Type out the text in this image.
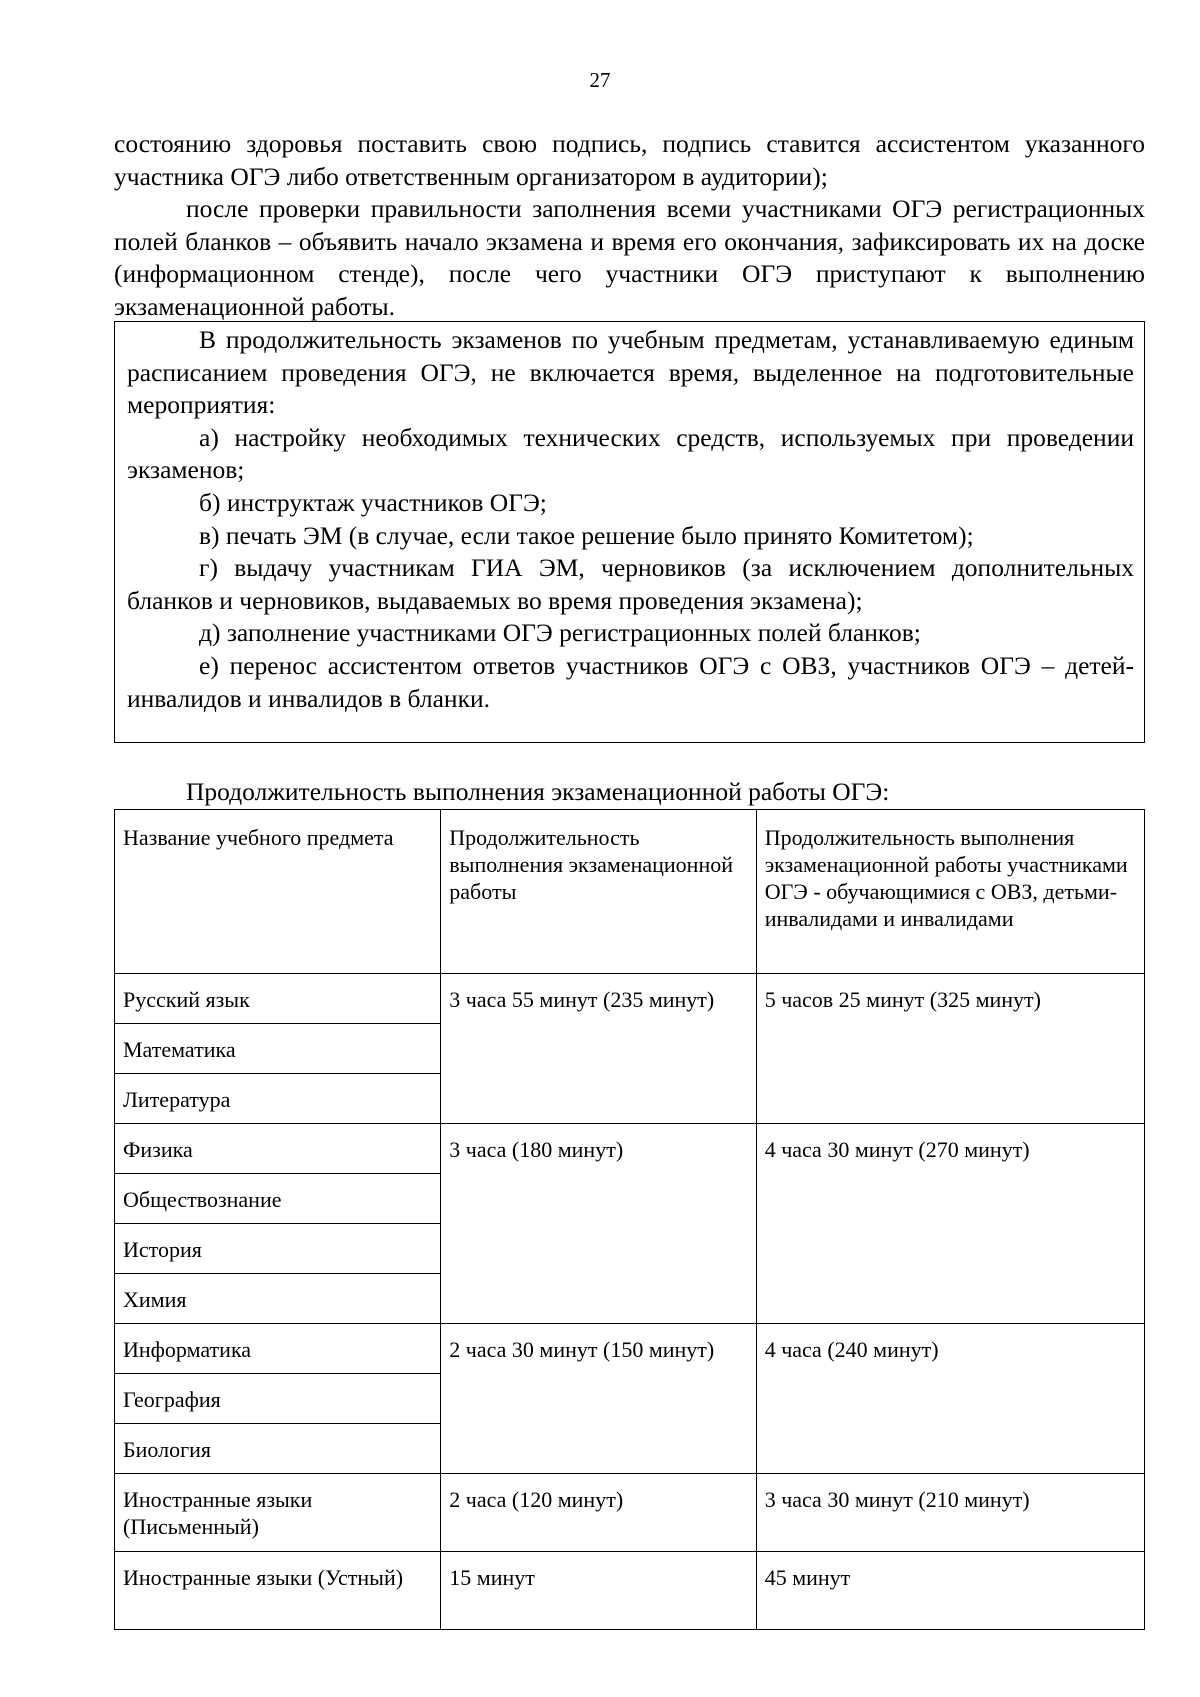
27

состоянию здоровья поставить свою подпись, подпись ставится ассистентом указанного участника ОГЭ либо ответственным организатором в аудитории);

после проверки правильности заполнения всеми участниками ОГЭ регистрационных полей бланков – объявить начало экзамена и время его окончания, зафиксировать их на доске (информационном стенде), после чего участники ОГЭ приступают к выполнению экзаменационной работы.

В продолжительность экзаменов по учебным предметам, устанавливаемую единым расписанием проведения ОГЭ, не включается время, выделенное на подготовительные мероприятия:

а) настройку необходимых технических средств, используемых при проведении экзаменов;

б) инструктаж участников ОГЭ;

в) печать ЭМ (в случае, если такое решение было принято Комитетом);

г) выдачу участникам ГИА ЭМ, черновиков (за исключением дополнительных бланков и черновиков, выдаваемых во время проведения экзамена);

д) заполнение участниками ОГЭ регистрационных полей бланков;

е) перенос ассистентом ответов участников ОГЭ с ОВЗ, участников ОГЭ – детей-инвалидов и инвалидов в бланки.

Продолжительность выполнения экзаменационной работы ОГЭ:
Название учебного предмета	Продолжительность выполнения экзаменационной работы	Продолжительность выполнения экзаменационной работы участниками ОГЭ - обучающимися с ОВЗ, детьми-инвалидами и инвалидами
Русский язык	3 часа 55 минут (235 минут)	5 часов 25 минут (325 минут)
Математика		
Литература		
Физика	3 часа (180 минут)	4 часа 30 минут (270 минут)
Обществознание		
История		
Химия		
Информатика	2 часа 30 минут (150 минут)	4 часа (240 минут)
География		
Биология		
Иностранные языки (Письменный)	2 часа (120 минут)	3 часа 30 минут (210 минут)
Иностранные языки (Устный)	15 минут	45 минут
